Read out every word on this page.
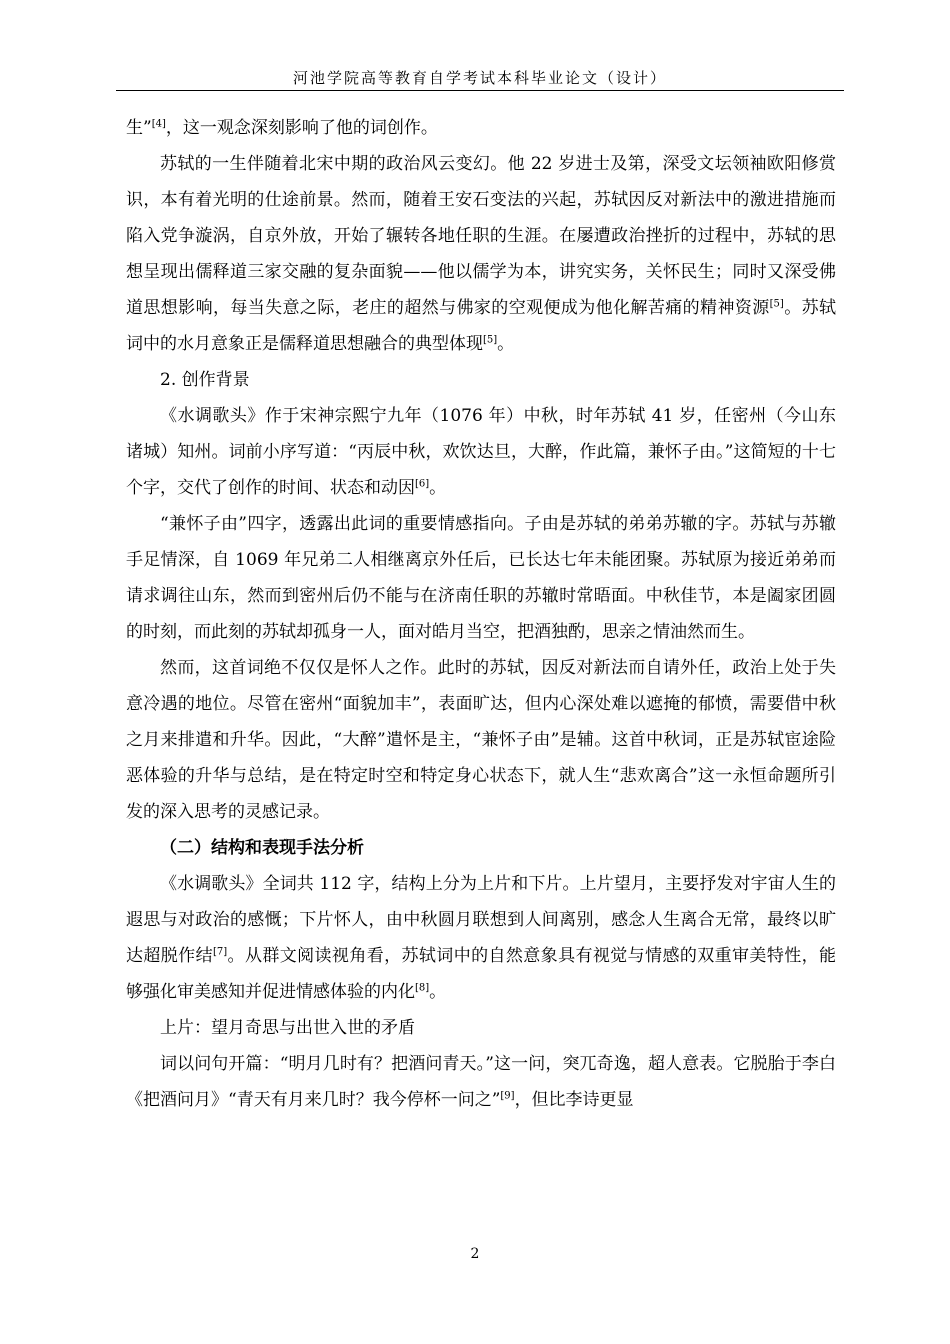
河池学院高等教育自学考试本科毕业论文（设计）

生”[4]，这一观念深刻影响了他的词创作。

苏轼的一生伴随着北宋中期的政治风云变幻。他 22 岁进士及第，深受文坛领袖欧阳修赏识，本有着光明的仕途前景。然而，随着王安石变法的兴起，苏轼因反对新法中的激进措施而陷入党争漩涡，自京外放，开始了辗转各地任职的生涯。在屡遭政治挫折的过程中，苏轼的思想呈现出儒释道三家交融的复杂面貌——他以儒学为本，讲究实务，关怀民生；同时又深受佛道思想影响，每当失意之际，老庄的超然与佛家的空观便成为他化解苦痛的精神资源[5]。苏轼词中的水月意象正是儒释道思想融合的典型体现[5]。

2. 创作背景

《水调歌头》作于宋神宗熙宁九年（1076 年）中秋，时年苏轼 41 岁，任密州（今山东诸城）知州。词前小序写道：“丙辰中秋，欢饮达旦，大醉，作此篇，兼怀子由。”这简短的十七个字，交代了创作的时间、状态和动因[6]。

“兼怀子由”四字，透露出此词的重要情感指向。子由是苏轼的弟弟苏辙的字。苏轼与苏辙手足情深，自 1069 年兄弟二人相继离京外任后，已长达七年未能团聚。苏轼原为接近弟弟而请求调往山东，然而到密州后仍不能与在济南任职的苏辙时常晤面。中秋佳节，本是阖家团圆的时刻，而此刻的苏轼却孤身一人，面对皓月当空，把酒独酌，思亲之情油然而生。

然而，这首词绝不仅仅是怀人之作。此时的苏轼，因反对新法而自请外任，政治上处于失意冷遇的地位。尽管在密州“面貌加丰”，表面旷达，但内心深处难以遮掩的郁愤，需要借中秋之月来排遣和升华。因此，“大醉”遣怀是主，“兼怀子由”是辅。这首中秋词，正是苏轼宦途险恶体验的升华与总结，是在特定时空和特定身心状态下，就人生“悲欢离合”这一永恒命题所引发的深入思考的灵感记录。

（二）结构和表现手法分析

《水调歌头》全词共 112 字，结构上分为上片和下片。上片望月，主要抒发对宇宙人生的遐思与对政治的感慨；下片怀人，由中秋圆月联想到人间离别，感念人生离合无常，最终以旷达超脱作结[7]。从群文阅读视角看，苏轼词中的自然意象具有视觉与情感的双重审美特性，能够强化审美感知并促进情感体验的内化[8]。

上片：望月奇思与出世入世的矛盾

词以问句开篇：“明月几时有？把酒问青天。”这一问，突兀奇逸，超人意表。它脱胎于李白《把酒问月》“青天有月来几时？我今停杯一问之”[9]，但比李诗更显

2
